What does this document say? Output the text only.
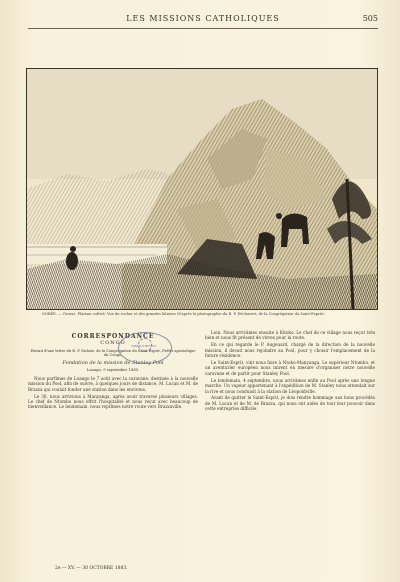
LES MISSIONS CATHOLIQUES	505
GORÉE. — Grosse. Plateau cultivé. Vue du rocher et des grandes falaises (d'après la photographie du R. P. Déchavert, de la Congrégation du Saint-Esprit).
CORRESPONDANCE
CONGO
Extrait d'une lettre du R. P. Dubois, de la Congrégation du Saint-Esprit, Préfet apostolique du Congo.
Fondation de la mission de Stanley Pool
Loango, 5 septembre 1883.

Nous partîmes de Loango le 7 août avec la caravane, destinée à la nouvelle mission du Pool, afin de suivre, à quelques jours de distance, M. Lucan et M. de Brazza qui voulait fonder une station dans les environs.

Le 30, nous arrivions à Manyanga, après avoir traversé plusieurs villages. Le chef de Ntombo nous offrit l'hospitalité et nous reçut avec beaucoup de bienveillance. Le lendemain, nous reprîmes notre route vers Brazzaville.

Loin. Nous arrivâmes ensuite à Kitoko. Le chef de ce village nous reçut très bien et nous fit présent de vivres pour la route.

En ce qui regarde le P. Augouard, chargé de la direction de la nouvelle mission, il devait nous rejoindre au Pool, pour y choisir l'emplacement de la future résidence.

Le Saint-Esprit, vint nous faire à Ntoko-Manyanga. Le supérieur Ntombo, et un aventurier européen nous mirent en mesure d'organiser notre nouvelle caravane et de partir pour Stanley Pool.

Le lendemain, 4 septembre, nous arrivâmes enfin au Pool après une longue marche. Un vapeur appartenant à l'expédition de M. Stanley nous attendait sur la rive et nous conduisit à la station de Léopoldville.

Avant de quitter le Saint-Esprit, je dois rendre hommage aux bons procédés de M. Lucan et de M. de Brazza, qui nous ont aidés de tout leur pouvoir dans cette entreprise difficile.

BIBLIOTHÈQUE
2e — XV. — 30 OCTOBRE 1883.
